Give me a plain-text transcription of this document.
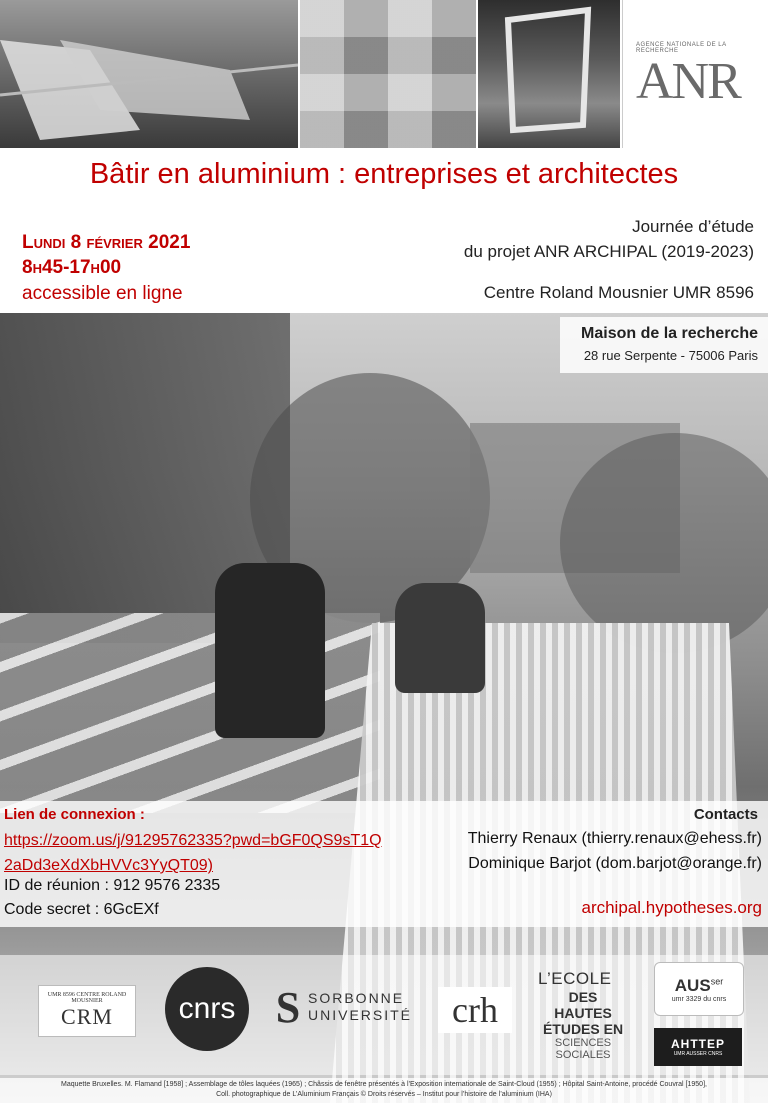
AGENCE NATIONALE DE LA RECHERCHE
ANR
Bâtir en aluminium : entreprises et architectes
Lundi 8 février 2021
8h45-17h00
accessible en ligne
Journée d’étude
du projet ANR ARCHIPAL (2019-2023)
Centre Roland Mousnier UMR 8596
Maison de la recherche
28 rue Serpente - 75006 Paris
Lien de connexion :
https://zoom.us/j/91295762335?pwd=bGF0QS9sT1Q
2aDd3eXdXbHVVc3YyQT09)
ID de réunion : 912 9576 2335
Code secret : 6GcEXf
Contacts
Thierry Renaux (thierry.renaux@ehess.fr)
Dominique Barjot (dom.barjot@orange.fr)
archipal.hypotheses.org
UMR 8596 CENTRE ROLAND MOUSNIER
CRM	cnrs S SORBONNE
UNIVERSITÉ	crh
L’ECOLE
DES HAUTES ÉTUDES EN
SCIENCES SOCIALES
$AUS^{ser}$
umr 3329 du cnrs
AHTTEP
UMR AUSSER CNRS
Maquette Bruxelles. M. Flamand [1958] ; Assemblage de tôles laquées (1965) ; Châssis de fenêtre présentés à l’Exposition internationale de Saint-Cloud (1955) ; Hôpital Saint-Antoine, procédé Couvral [1950],
Coll. photographique de L’Aluminium Français © Droits réservés – Institut pour l’histoire de l’aluminium (IHA)
